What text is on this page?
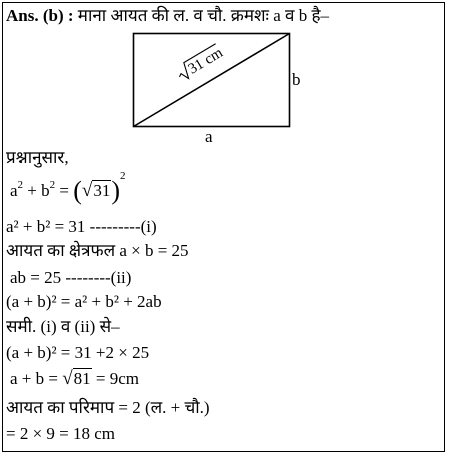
Ans. (b) : माना आयत की ल. व चौ. क्रमशः a व b है–
31 cm
b
a
प्रश्नानुसार,
$a^2 + b^2 = (√31)^2$
a² + b² = 31 ---------(i)
आयत का क्षेत्रफल a × b = 25
ab = 25 --------(ii)
(a + b)² = a² + b² + 2ab
समी. (i) व (ii) से–
(a + b)² = 31 +2 × 25
a + b = √81 = 9cm
आयत का परिमाप = 2 (ल. + चौ.)
= 2 × 9 = 18 cm
